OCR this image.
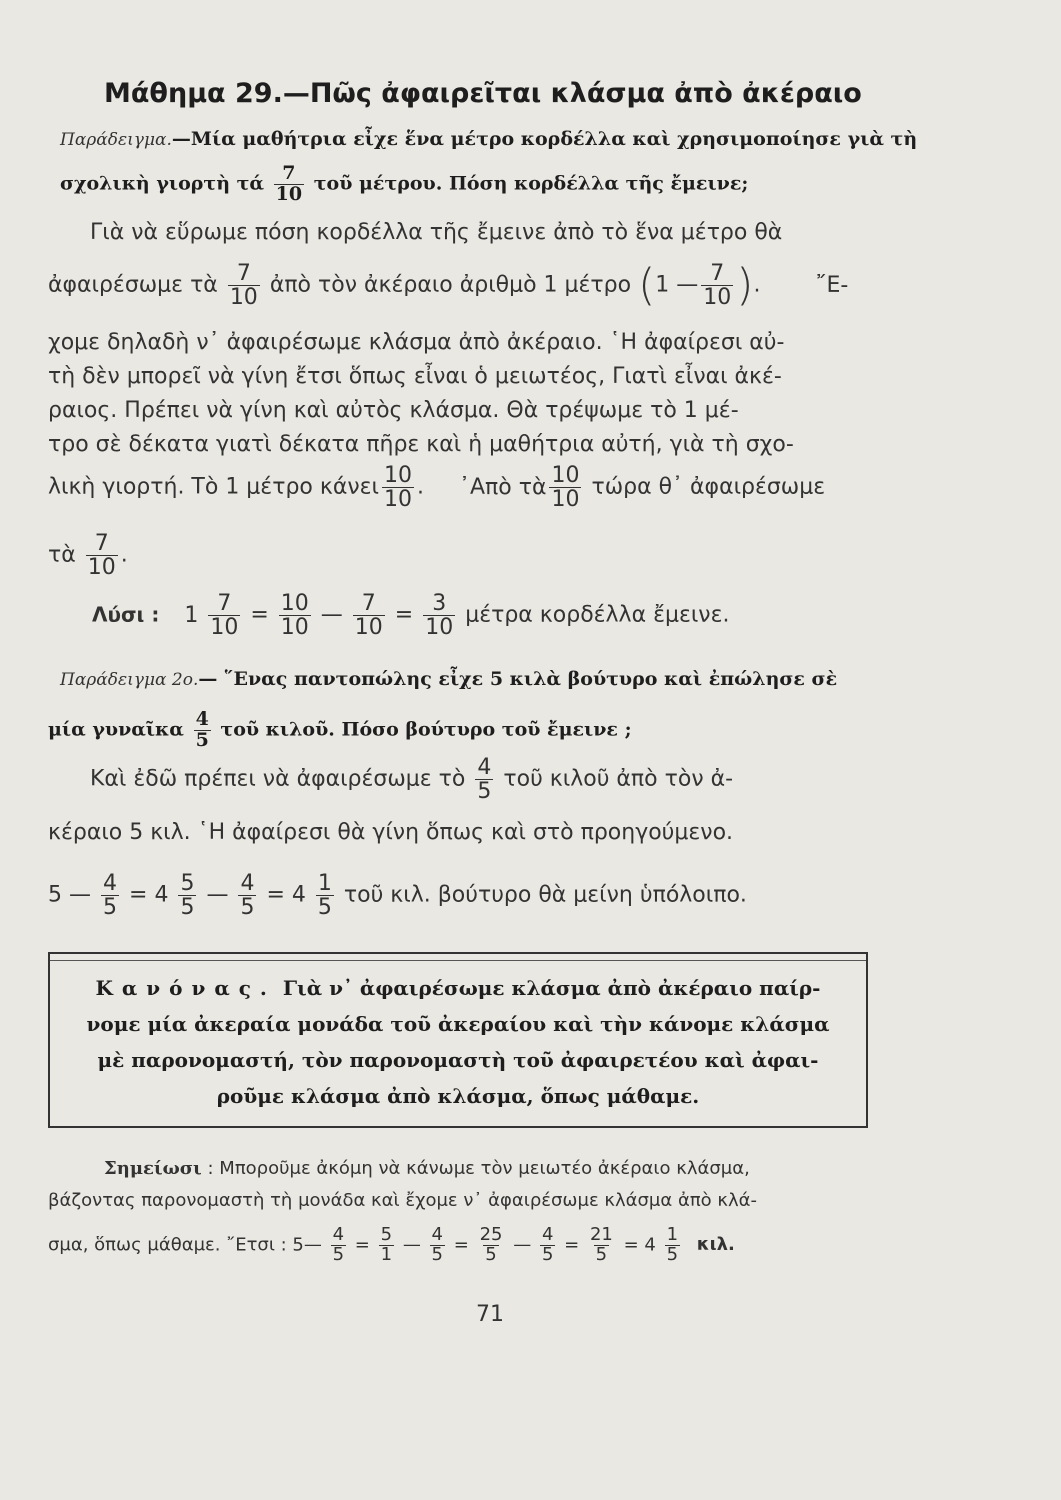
Μάθημα 29.—Πῶς ἀφαιρεῖται κλάσμα ἀπὸ ἀκέραιο
Παράδειγμα.—Μία μαθήτρια εἶχε ἕνα μέτρο κορδέλλα καὶ χρησιμοποίησε γιὰ τὴ
σχολικὴ γιορτὴ τά $\frac{7}{10}$ τοῦ μέτρου. Πόση κορδέλλα τῆς ἔμεινε;
Γιὰ νὰ εὕρωμε πόση κορδέλλα τῆς ἔμεινε ἀπὸ τὸ ἕνα μέτρο θὰ
ἀφαιρέσωμε τὰ $\frac{7}{10}$ ἀπὸ τὸν ἀκέραιο ἀριθμὸ 1 μέτρο (1 — $\frac{7}{10}$ ). ῎Ε-
χομε δηλαδὴ ν᾽ ἀφαιρέσωμε κλάσμα ἀπὸ ἀκέραιο. ῾Η ἀφαίρεσι αὐ-
τὴ δὲν μπορεῖ νὰ γίνη ἔτσι ὅπως εἶναι ὁ μειωτέος, Γιατὶ εἶναι ἀκέ-
ραιος. Πρέπει νὰ γίνη καὶ αὐτὸς κλάσμα. Θὰ τρέψωμε τὸ 1 μέ-
τρο σὲ δέκατα γιατὶ δέκατα πῆρε καὶ ἡ μαθήτρια αὐτή, γιὰ τὴ σχο-
λικὴ γιορτή. Τὸ 1 μέτρο κάνει $\frac{10}{10}$ . ᾽Απὸ τὰ $\frac{10}{10}$ τώρα θ᾽ ἀφαιρέσωμε
τὰ $\frac{7}{10}$ .
Λύσι : $1 \frac{7}{10} = \frac{10}{10}$ — $\frac{7}{10} = \frac{3}{10}$ μέτρα κορδέλλα ἔμεινε.
Παράδειγμα 2ο.— ῞Ενας παντοπώλης εἶχε 5 κιλὰ βούτυρο καὶ ἐπώλησε σὲ
μία γυναῖκα $\frac{4}{5}$ τοῦ κιλοῦ. Πόσο βούτυρο τοῦ ἔμεινε ;
Καὶ ἐδῶ πρέπει νὰ ἀφαιρέσωμε τὸ $\frac{4}{5}$ τοῦ κιλοῦ ἀπὸ τὸν ἀ-
κέραιο 5 κιλ. ῾Η ἀφαίρεσι θὰ γίνη ὅπως καὶ στὸ προηγούμενο.
5 — $\frac{4}{5} = 4 \frac{5}{5}$ — $\frac{4}{5} = 4 \frac{1}{5}$ τοῦ κιλ. βούτυρο θὰ μείνη ὑπόλοιπο.
Κανόνας. Γιὰ ν᾽ ἀφαιρέσωμε κλάσμα ἀπὸ ἀκέραιο παίρ-
νομε μία ἀκεραία μονάδα τοῦ ἀκεραίου καὶ τὴν κάνομε κλάσμα
μὲ παρονομαστή, τὸν παρονομαστὴ τοῦ ἀφαιρετέου καὶ ἀφαι-
ροῦμε κλάσμα ἀπὸ κλάσμα, ὅπως μάθαμε.
Σημείωσι : Μποροῦμε ἀκόμη νὰ κάνωμε τὸν μειωτέο ἀκέραιο κλάσμα,
βάζοντας παρονομαστὴ τὴ μονάδα καὶ ἔχομε ν᾽ ἀφαιρέσωμε κλάσμα ἀπὸ κλά-
σμα, ὅπως μάθαμε. ῎Ετσι : 5— $\frac{4}{5} = \frac{5}{1}$ — $\frac{4}{5} = \frac{25}{5}$ — $\frac{4}{5} = \frac{21}{5} = 4 \frac{1}{5} \kappa\iota\lambda$.
71
